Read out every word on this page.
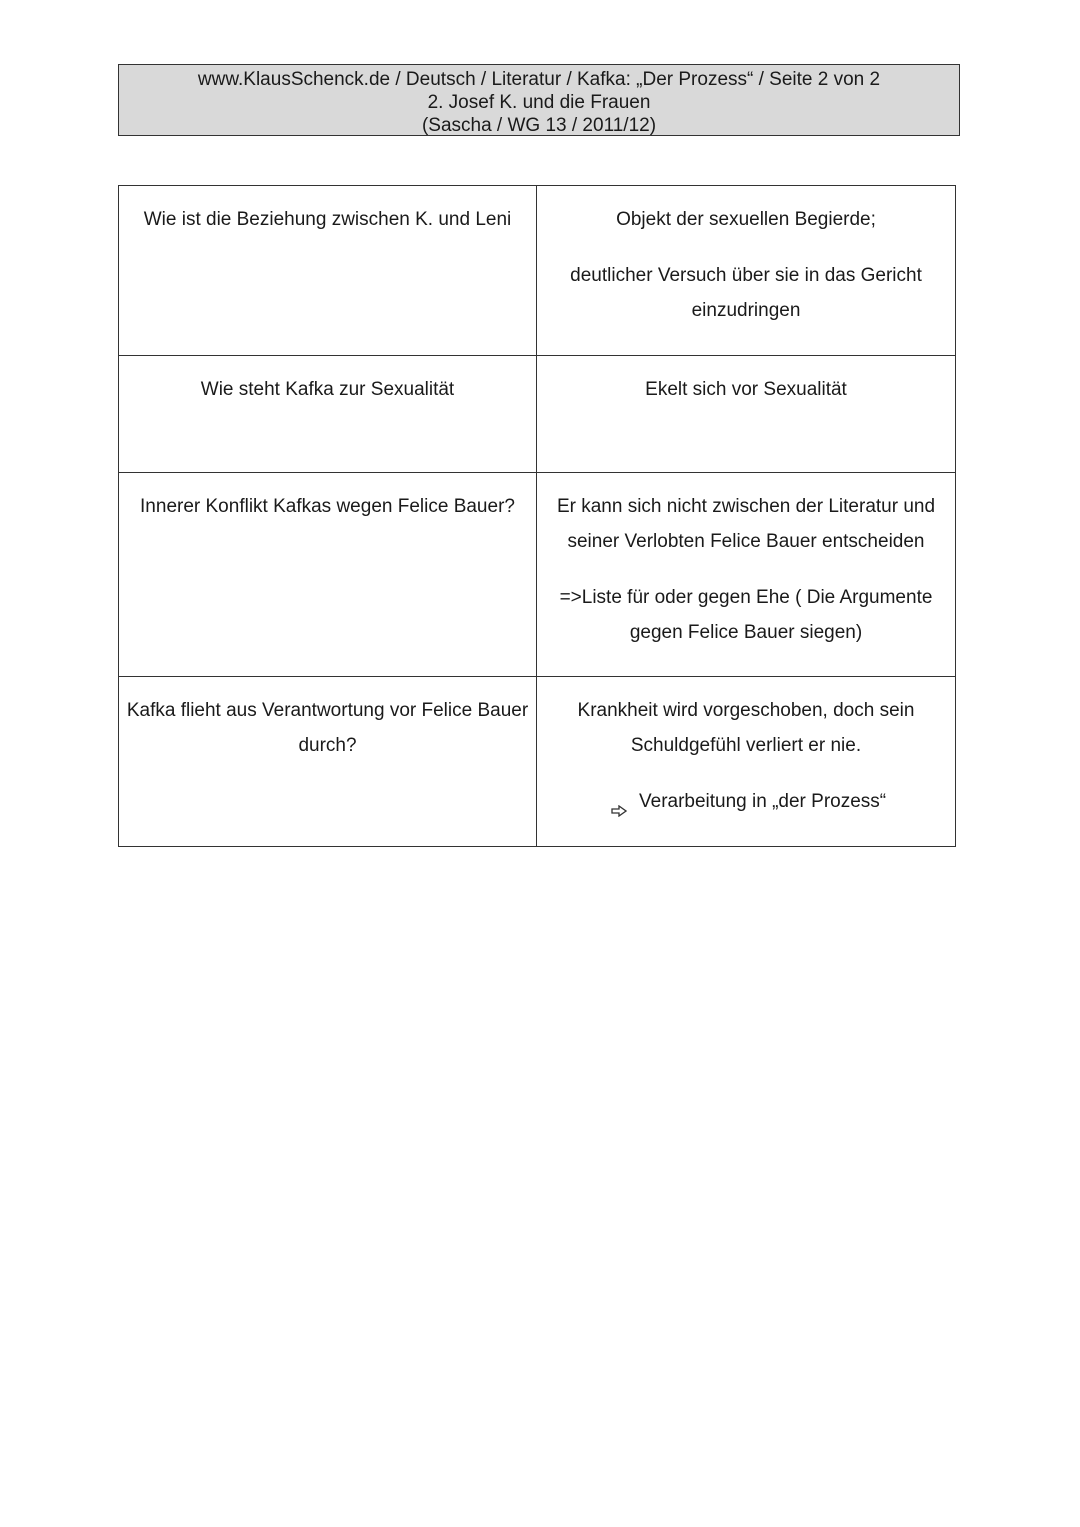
www.KlausSchenck.de / Deutsch / Literatur / Kafka: „Der Prozess“ / Seite 2 von 2
2. Josef K. und die Frauen
(Sascha / WG 13 / 2011/12)

Wie ist die Beziehung zwischen K. und Leni	Objekt der sexuellen Begierde;

deutlicher Versuch über sie in das Gericht einzudringen

Wie steht Kafka zur Sexualität	Ekelt sich vor Sexualität

Innerer Konflikt Kafkas wegen Felice Bauer?	Er kann sich nicht zwischen der Literatur und seiner Verlobten Felice Bauer entscheiden

=>Liste für oder gegen Ehe ( Die Argumente gegen Felice Bauer siegen)

Kafka flieht aus Verantwortung vor Felice Bauer durch?	Krankheit wird vorgeschoben, doch sein Schuldgefühl verliert er nie.

Verarbeitung in „der Prozess“
